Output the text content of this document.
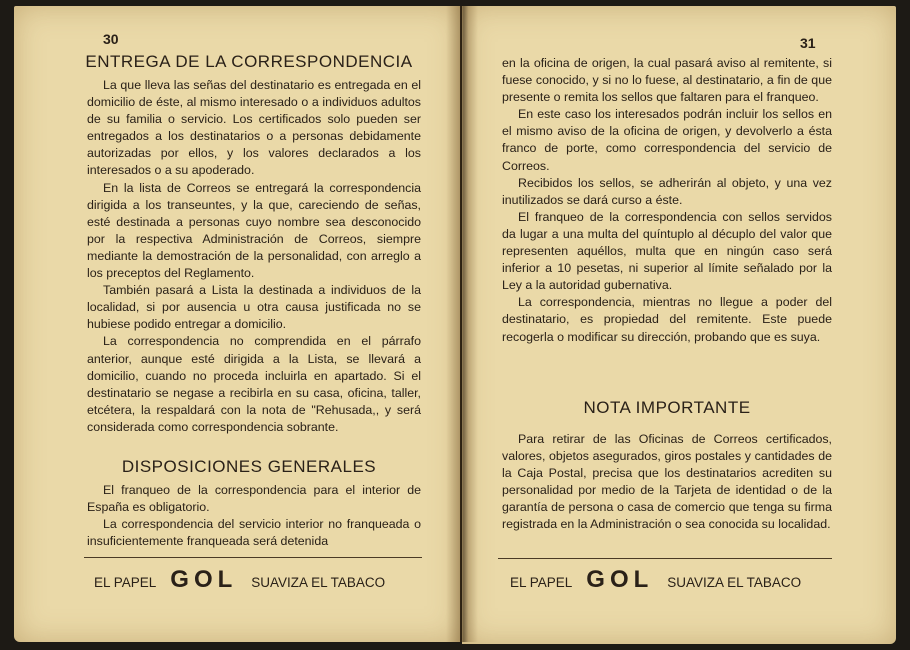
30
ENTREGA DE LA CORRESPONDENCIA

La que lleva las señas del destinatario es entregada en el domicilio de éste, al mismo interesado o a individuos adultos de su familia o servicio. Los certificados solo pueden ser entregados a los destinatarios o a personas debidamente autorizadas por ellos, y los valores declarados a los interesados o a su apoderado.

En la lista de Correos se entregará la correspondencia dirigida a los transeuntes, y la que, careciendo de señas, esté destinada a personas cuyo nombre sea desconocido por la respectiva Administración de Correos, siempre mediante la demostración de la personalidad, con arreglo a los preceptos del Reglamento.

También pasará a Lista la destinada a individuos de la localidad, si por ausencia u otra causa justificada no se hubiese podido entregar a domicilio.

La correspondencia no comprendida en el párrafo anterior, aunque esté dirigida a la Lista, se llevará a domicilio, cuando no proceda incluirla en apartado. Si el destinatario se negase a recibirla en su casa, oficina, taller, etcétera, la respaldará con la nota de "Rehusada,, y será considerada como correspondencia sobrante.

DISPOSICIONES GENERALES

El franqueo de la correspondencia para el interior de España es obligatorio.

La correspondencia del servicio interior no franqueada o insuficientemente franqueada será detenida

EL PAPEL GOL SUAVIZA EL TABACO
31

en la oficina de origen, la cual pasará aviso al remitente, si fuese conocido, y si no lo fuese, al destinatario, a fin de que presente o remita los sellos que faltaren para el franqueo.

En este caso los interesados podrán incluir los sellos en el mismo aviso de la oficina de origen, y devolverlo a ésta franco de porte, como correspondencia del servicio de Correos.

Recibidos los sellos, se adherirán al objeto, y una vez inutilizados se dará curso a éste.

El franqueo de la correspondencia con sellos servidos da lugar a una multa del quíntuplo al décuplo del valor que representen aquéllos, multa que en ningún caso será inferior a 10 pesetas, ni superior al límite señalado por la Ley a la autoridad gubernativa.

La correspondencia, mientras no llegue a poder del destinatario, es propiedad del remitente. Este puede recogerla o modificar su dirección, probando que es suya.

NOTA IMPORTANTE

Para retirar de las Oficinas de Correos certificados, valores, objetos asegurados, giros postales y cantidades de la Caja Postal, precisa que los destinatarios acrediten su personalidad por medio de la Tarjeta de identidad o de la garantía de persona o casa de comercio que tenga su firma registrada en la Administración o sea conocida su localidad.

EL PAPEL GOL SUAVIZA EL TABACO
